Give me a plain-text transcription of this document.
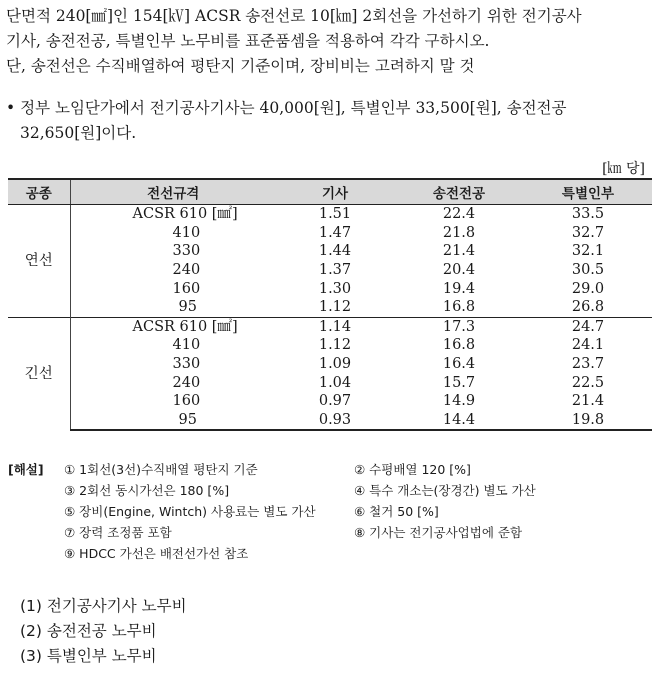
단면적 240[㎟]인 154[㎸] ACSR 송전선로 10[㎞] 2회선을 가선하기 위한 전기공사

기사, 송전전공, 특별인부 노무비를 표준품셈을 적용하여 각각 구하시오.

단, 송전선은 수직배열하여 평탄지 기준이며, 장비비는 고려하지 말 것

• 정부 노임단가에서 전기공사기사는 40,000[원], 특별인부 33,500[원], 송전전공

32,650[원]이다.

[㎞ 당]
공종	전선규격	기사	송전전공	특별인부
연선	ACSR 610 [㎟]	1.51	22.4	33.5
	410	1.47	21.8	32.7
	330	1.44	21.4	32.1
	240	1.37	20.4	30.5
	160	1.30	19.4	29.0
	95	1.12	16.8	26.8
긴선	ACSR 610 [㎟]	1.14	17.3	24.7
	410	1.12	16.8	24.1
	330	1.09	16.4	23.7
	240	1.04	15.7	22.5
	160	0.97	14.9	21.4
	95	0.93	14.4	19.8
[해설]	① 1회선(3선)수직배열 평탄지 기준	② 수평배열 120 [%]
③ 2회선 동시가선은 180 [%]	④ 특수 개소는(장경간) 별도 가산
⑤ 장비(Engine, Wintch) 사용료는 별도 가산	⑥ 철거 50 [%]
⑦ 장력 조정품 포함	⑧ 기사는 전기공사업법에 준함
⑨ HDCC 가선은 배전선가선 참조

(1) 전기공사기사 노무비

(2) 송전전공 노무비

(3) 특별인부 노무비
